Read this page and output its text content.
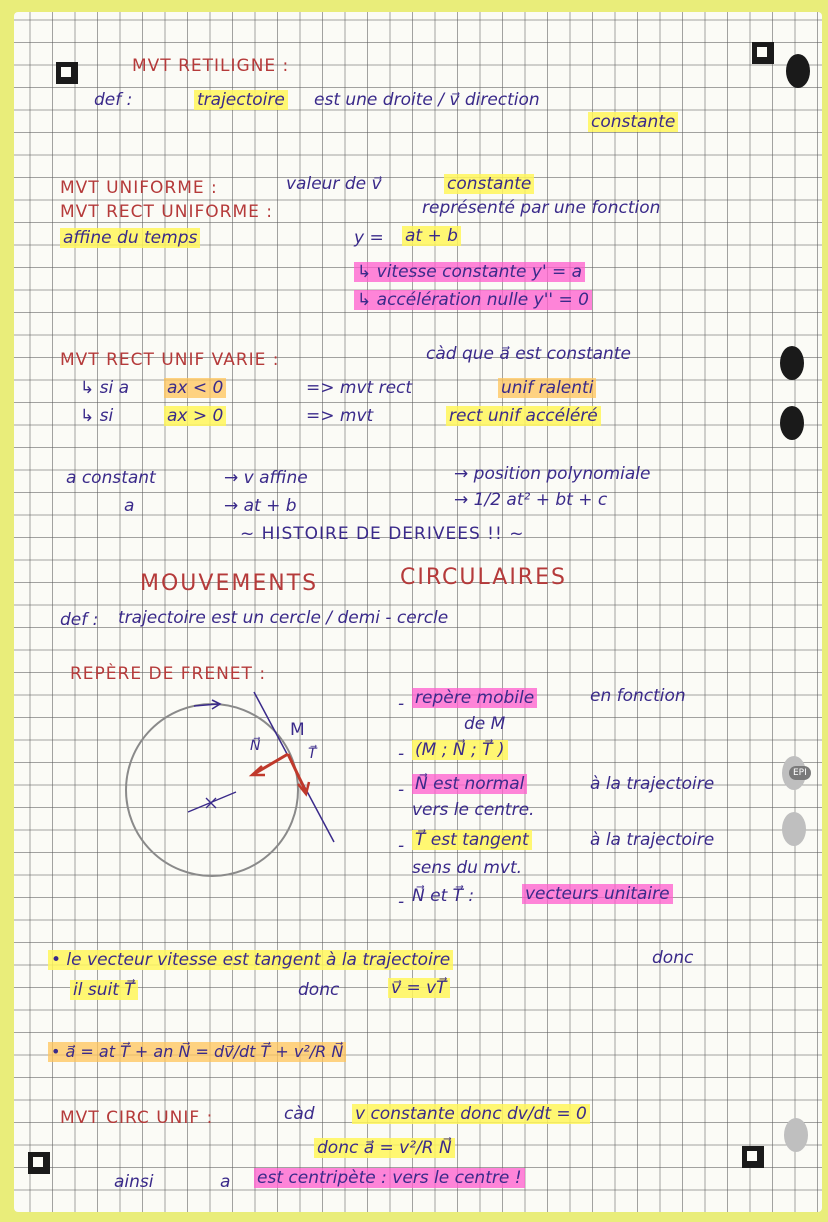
EPI
MVT RETILIGNE :
def :	trajectoire est une droite / v⃗ direction
constante
MVT UNIFORME :	valeur de v⃗	constante
MVT RECT UNIFORME :	représenté par une fonction
affine du temps	y = at + b
↳ vitesse constante y' = a
↳ accélération nulle y'' = 0
MVT RECT UNIF VARIE :	càd que a⃗ est constante
↳ si a ax < 0	=> mvt rect	unif ralenti
↳ si	ax > 0	=> mvt	rect unif accéléré
a constant	→ v affine	→ position polynomiale
a	→ at + b	→ 1/2 at² + bt + c
~ HISTOIRE DE DERIVEES !! ~
MOUVEMENTS	CIRCULAIRES
def : trajectoire est un cercle / demi - cercle
REPÈRE DE FRENET :
M
N⃗	T⃗
- repère mobile	en fonction
de M
- (M ; N⃗ ; T⃗ )
- N⃗ est normal	à la trajectoire
vers le centre.
- T⃗ est tangent	à la trajectoire
sens du mvt.
- N⃗ et T⃗ :	vecteurs unitaire
• le vecteur vitesse est tangent à la trajectoire	donc
il suit T⃗	donc	v⃗ = vT⃗
• a⃗ = at T⃗ + an N⃗ = dv⃗/dt T⃗ + v²/R N⃗
MVT CIRC UNIF :	càd v constante donc dv/dt = 0
donc a⃗ = v²/R N⃗
ainsi	a est centripète : vers le centre !
